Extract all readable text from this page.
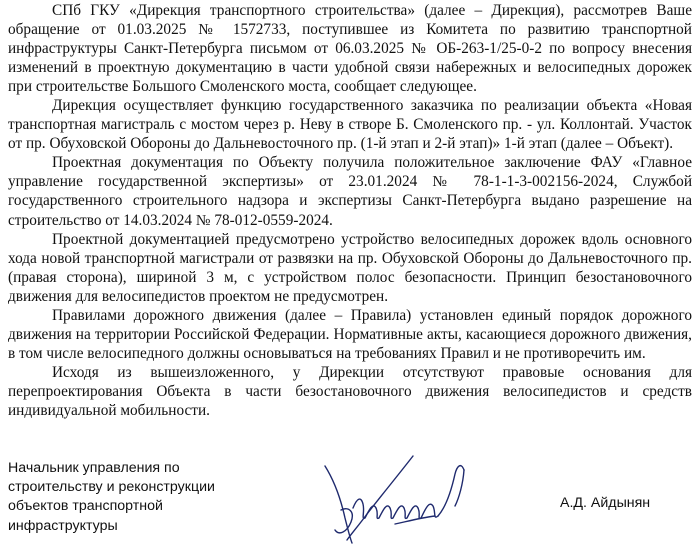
СПб ГКУ «Дирекция транспортного строительства» (далее – Дирекция), рассмотрев Ваше обращение от 01.03.2025 № 1572733, поступившее из Комитета по развитию транспортной инфраструктуры Санкт-Петербурга письмом от 06.03.2025 № ОБ-263-1/25-0-2 по вопросу внесения изменений в проектную документацию в части удобной связи набережных и велосипедных дорожек при строительстве Большого Смоленского моста, сообщает следующее.

Дирекция осуществляет функцию государственного заказчика по реализации объекта «Новая транспортная магистраль с мостом через р. Неву в створе Б. Смоленского пр. - ул. Коллонтай. Участок от пр. Обуховской Обороны до Дальневосточного пр. (1-й этап и 2-й этап)» 1-й этап (далее – Объект).

Проектная документация по Объекту получила положительное заключение ФАУ «Главное управление государственной экспертизы» от 23.01.2024 № 78-1-1-3-002156-2024, Службой государственного строительного надзора и экспертизы Санкт-Петербурга выдано разрешение на строительство от 14.03.2024 № 78-012-0559-2024.

Проектной документацией предусмотрено устройство велосипедных дорожек вдоль основного хода новой транспортной магистрали от развязки на пр. Обуховской Обороны до Дальневосточного пр. (правая сторона), шириной 3 м, с устройством полос безопасности. Принцип безостановочного движения для велосипедистов проектом не предусмотрен.

Правилами дорожного движения (далее – Правила) установлен единый порядок дорожного движения на территории Российской Федерации. Нормативные акты, касающиеся дорожного движения, в том числе велосипедного должны основываться на требованиях Правил и не противоречить им.

Исходя из вышеизложенного, у Дирекции отсутствуют правовые основания для перепроектирования Объекта в части безостановочного движения велосипедистов и средств индивидуальной мобильности.

Начальник управления по
строительству и реконструкции
объектов транспортной
инфраструктуры
А.Д. Айдынян
